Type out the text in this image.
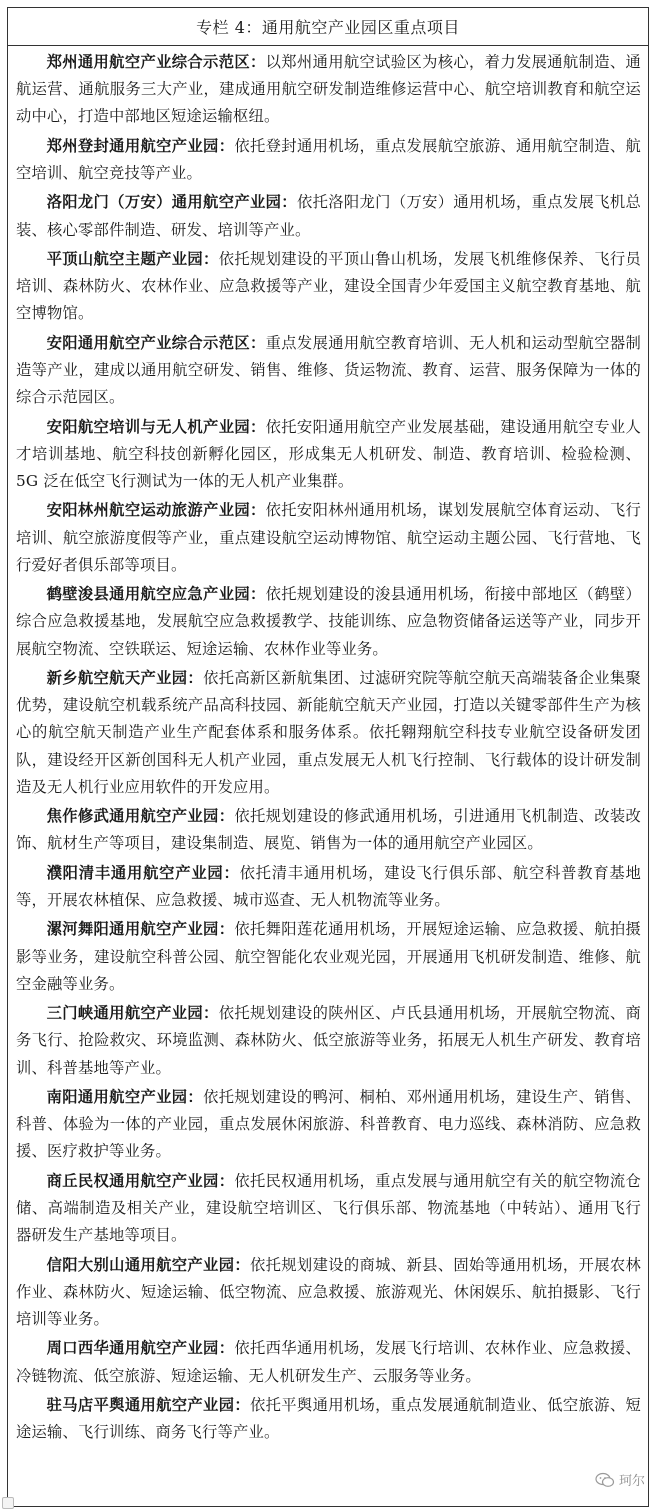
专栏 4：通用航空产业园区重点项目

郑州通用航空产业综合示范区：以郑州通用航空试验区为核心，着力发展通航制造、通航运营、通航服务三大产业，建成通用航空研发制造维修运营中心、航空培训教育和航空运动中心，打造中部地区短途运输枢纽。

郑州登封通用航空产业园：依托登封通用机场，重点发展航空旅游、通用航空制造、航空培训、航空竞技等产业。

洛阳龙门（万安）通用航空产业园：依托洛阳龙门（万安）通用机场，重点发展飞机总装、核心零部件制造、研发、培训等产业。

平顶山航空主题产业园：依托规划建设的平顶山鲁山机场，发展飞机维修保养、飞行员培训、森林防火、农林作业、应急救援等产业，建设全国青少年爱国主义航空教育基地、航空博物馆。

安阳通用航空产业综合示范区：重点发展通用航空教育培训、无人机和运动型航空器制造等产业，建成以通用航空研发、销售、维修、货运物流、教育、运营、服务保障为一体的综合示范园区。

安阳航空培训与无人机产业园：依托安阳通用航空产业发展基础，建设通用航空专业人才培训基地、航空科技创新孵化园区，形成集无人机研发、制造、教育培训、检验检测、5G 泛在低空飞行测试为一体的无人机产业集群。

安阳林州航空运动旅游产业园：依托安阳林州通用机场，谋划发展航空体育运动、飞行培训、航空旅游度假等产业，重点建设航空运动博物馆、航空运动主题公园、飞行营地、飞行爱好者俱乐部等项目。

鹤壁浚县通用航空应急产业园：依托规划建设的浚县通用机场，衔接中部地区（鹤壁）综合应急救援基地，发展航空应急救援教学、技能训练、应急物资储备运送等产业，同步开展航空物流、空铁联运、短途运输、农林作业等业务。

新乡航空航天产业园：依托高新区新航集团、过滤研究院等航空航天高端装备企业集聚优势，建设航空机载系统产品高科技园、新能航空航天产业园，打造以关键零部件生产为核心的航空航天制造产业生产配套体系和服务体系。依托翱翔航空科技专业航空设备研发团队，建设经开区新创国科无人机产业园，重点发展无人机飞行控制、飞行载体的设计研发制造及无人机行业应用软件的开发应用。

焦作修武通用航空产业园：依托规划建设的修武通用机场，引进通用飞机制造、改装改饰、航材生产等项目，建设集制造、展览、销售为一体的通用航空产业园区。

濮阳清丰通用航空产业园：依托清丰通用机场，建设飞行俱乐部、航空科普教育基地等，开展农林植保、应急救援、城市巡查、无人机物流等业务。

漯河舞阳通用航空产业园：依托舞阳莲花通用机场，开展短途运输、应急救援、航拍摄影等业务，建设航空科普公园、航空智能化农业观光园，开展通用飞机研发制造、维修、航空金融等业务。

三门峡通用航空产业园：依托规划建设的陕州区、卢氏县通用机场，开展航空物流、商务飞行、抢险救灾、环境监测、森林防火、低空旅游等业务，拓展无人机生产研发、教育培训、科普基地等产业。

南阳通用航空产业园：依托规划建设的鸭河、桐柏、邓州通用机场，建设生产、销售、科普、体验为一体的产业园，重点发展休闲旅游、科普教育、电力巡线、森林消防、应急救援、医疗救护等业务。

商丘民权通用航空产业园：依托民权通用机场，重点发展与通用航空有关的航空物流仓储、高端制造及相关产业，建设航空培训区、飞行俱乐部、物流基地（中转站）、通用飞行器研发生产基地等项目。

信阳大别山通用航空产业园：依托规划建设的商城、新县、固始等通用机场，开展农林作业、森林防火、短途运输、低空物流、应急救援、旅游观光、休闲娱乐、航拍摄影、飞行培训等业务。

周口西华通用航空产业园：依托西华通用机场，发展飞行培训、农林作业、应急救援、冷链物流、低空旅游、短途运输、无人机研发生产、云服务等业务。

驻马店平舆通用航空产业园：依托平舆通用机场，重点发展通航制造业、低空旅游、短途运输、飞行训练、商务飞行等产业。

珂尔
